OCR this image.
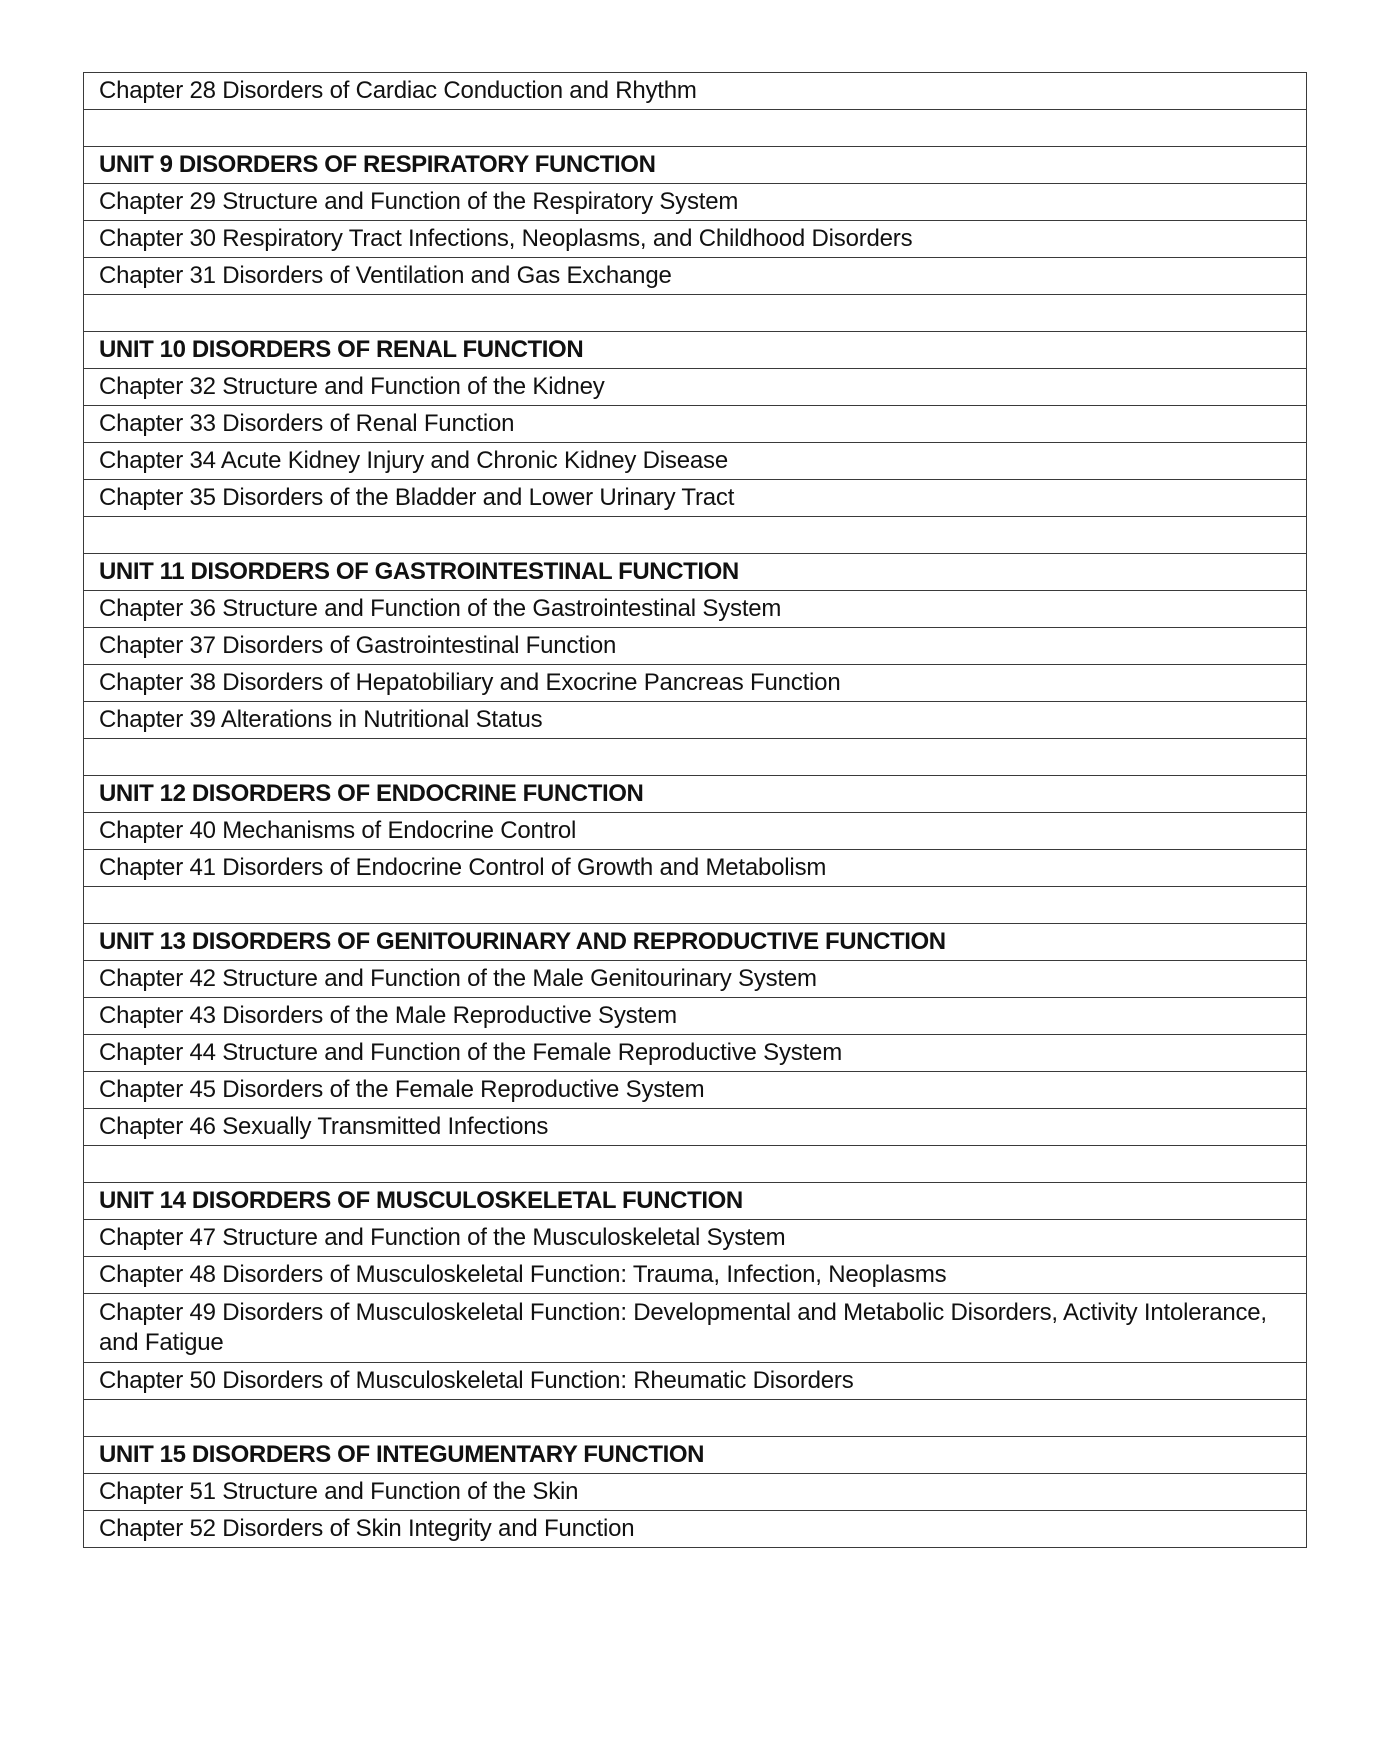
Chapter 28 Disorders of Cardiac Conduction and Rhythm

UNIT 9 DISORDERS OF RESPIRATORY FUNCTION
Chapter 29 Structure and Function of the Respiratory System
Chapter 30 Respiratory Tract Infections, Neoplasms, and Childhood Disorders
Chapter 31 Disorders of Ventilation and Gas Exchange

UNIT 10 DISORDERS OF RENAL FUNCTION
Chapter 32 Structure and Function of the Kidney
Chapter 33 Disorders of Renal Function
Chapter 34 Acute Kidney Injury and Chronic Kidney Disease
Chapter 35 Disorders of the Bladder and Lower Urinary Tract

UNIT 11 DISORDERS OF GASTROINTESTINAL FUNCTION
Chapter 36 Structure and Function of the Gastrointestinal System
Chapter 37 Disorders of Gastrointestinal Function
Chapter 38 Disorders of Hepatobiliary and Exocrine Pancreas Function
Chapter 39 Alterations in Nutritional Status

UNIT 12 DISORDERS OF ENDOCRINE FUNCTION
Chapter 40 Mechanisms of Endocrine Control
Chapter 41 Disorders of Endocrine Control of Growth and Metabolism

UNIT 13 DISORDERS OF GENITOURINARY AND REPRODUCTIVE FUNCTION
Chapter 42 Structure and Function of the Male Genitourinary System
Chapter 43 Disorders of the Male Reproductive System
Chapter 44 Structure and Function of the Female Reproductive System
Chapter 45 Disorders of the Female Reproductive System
Chapter 46 Sexually Transmitted Infections

UNIT 14 DISORDERS OF MUSCULOSKELETAL FUNCTION
Chapter 47 Structure and Function of the Musculoskeletal System
Chapter 48 Disorders of Musculoskeletal Function: Trauma, Infection, Neoplasms
Chapter 49 Disorders of Musculoskeletal Function: Developmental and Metabolic Disorders, Activity Intolerance, and Fatigue
Chapter 50 Disorders of Musculoskeletal Function: Rheumatic Disorders

UNIT 15 DISORDERS OF INTEGUMENTARY FUNCTION
Chapter 51 Structure and Function of the Skin
Chapter 52 Disorders of Skin Integrity and Function
